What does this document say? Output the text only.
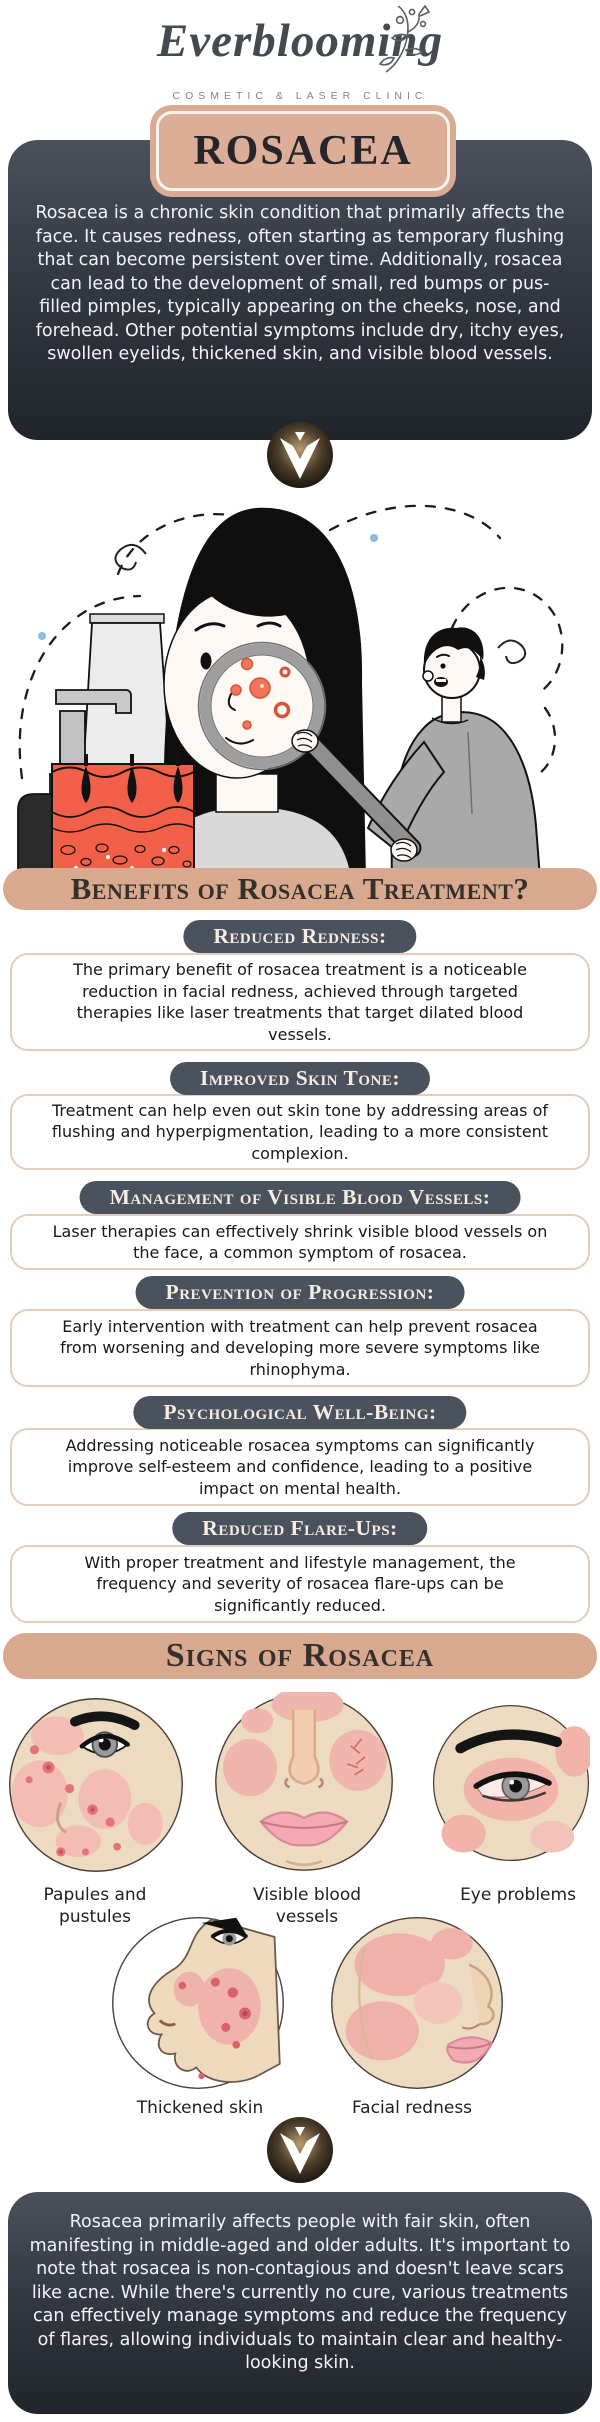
Everblooming
COSMETIC & LASER CLINIC
ROSACEA

Rosacea is a chronic skin condition that primarily affects the face. It causes redness, often starting as temporary flushing that can become persistent over time. Additionally, rosacea can lead to the development of small, red bumps or pus-filled pimples, typically appearing on the cheeks, nose, and forehead. Other potential symptoms include dry, itchy eyes, swollen eyelids, thickened skin, and visible blood vessels.

Benefits of Rosacea Treatment?
Reduced Redness:

The primary benefit of rosacea treatment is a noticeable reduction in facial redness, achieved through targeted therapies like laser treatments that target dilated blood vessels.

Improved Skin Tone:

Treatment can help even out skin tone by addressing areas of flushing and hyperpigmentation, leading to a more consistent complexion.

Management of Visible Blood Vessels:

Laser therapies can effectively shrink visible blood vessels on the face, a common symptom of rosacea.

Prevention of Progression:

Early intervention with treatment can help prevent rosacea from worsening and developing more severe symptoms like rhinophyma.

Psychological Well-Being:

Addressing noticeable rosacea symptoms can significantly improve self-esteem and confidence, leading to a positive impact on mental health.

Reduced Flare-Ups:

With proper treatment and lifestyle management, the frequency and severity of rosacea flare-ups can be significantly reduced.

Signs of Rosacea
Papules and pustules
Visible blood vessels
Eye problems
Thickened skin	Facial redness

Rosacea primarily affects people with fair skin, often manifesting in middle-aged and older adults. It's important to note that rosacea is non-contagious and doesn't leave scars like acne. While there's currently no cure, various treatments can effectively manage symptoms and reduce the frequency of flares, allowing individuals to maintain clear and healthy-looking skin.
